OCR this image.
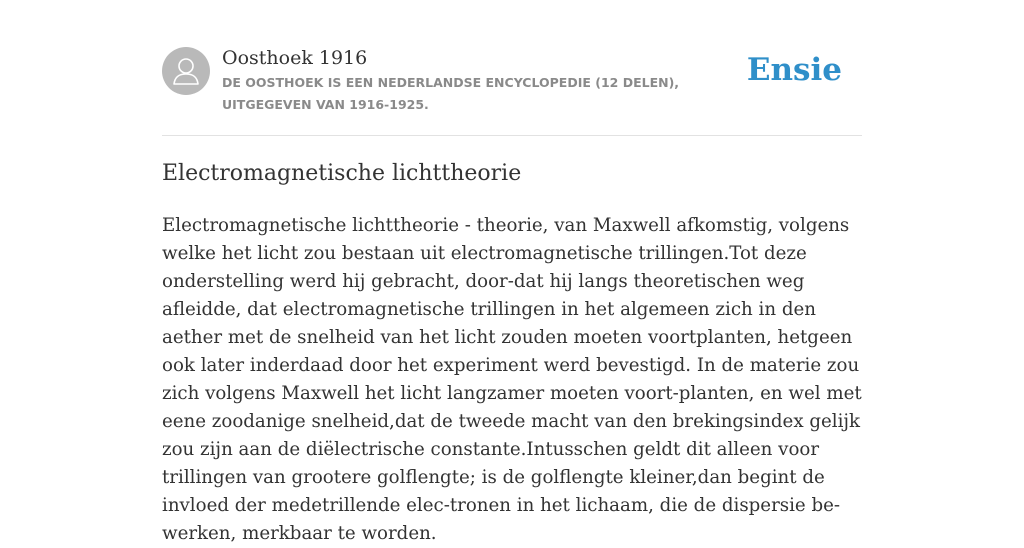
Oosthoek 1916
DE OOSTHOEK IS EEN NEDERLANDSE ENCYCLOPEDIE (12 DELEN), UITGEGEVEN VAN 1916-1925.
Ensie
Electromagnetische lichttheorie

Electromagnetische lichttheorie - theorie, van Maxwell afkomstig, volgens welke het licht zou bestaan uit electromagnetische trillingen.Tot deze onderstelling werd hij gebracht, door-dat hij langs theoretischen weg afleidde, dat electromagnetische trillingen in het algemeen zich in den aether met de snelheid van het licht zouden moeten voortplanten, hetgeen ook later inderdaad door het experiment werd bevestigd. In de materie zou zich volgens Maxwell het licht langzamer moeten voort-planten, en wel met eene zoodanige snelheid,dat de tweede macht van den brekingsindex gelijk zou zijn aan de diëlectrische constante.Intusschen geldt dit alleen voor trillingen van grootere golflengte; is de golflengte kleiner,dan begint de invloed der medetrillende elec-tronen in het lichaam, die de dispersie be-werken, merkbaar te worden.
